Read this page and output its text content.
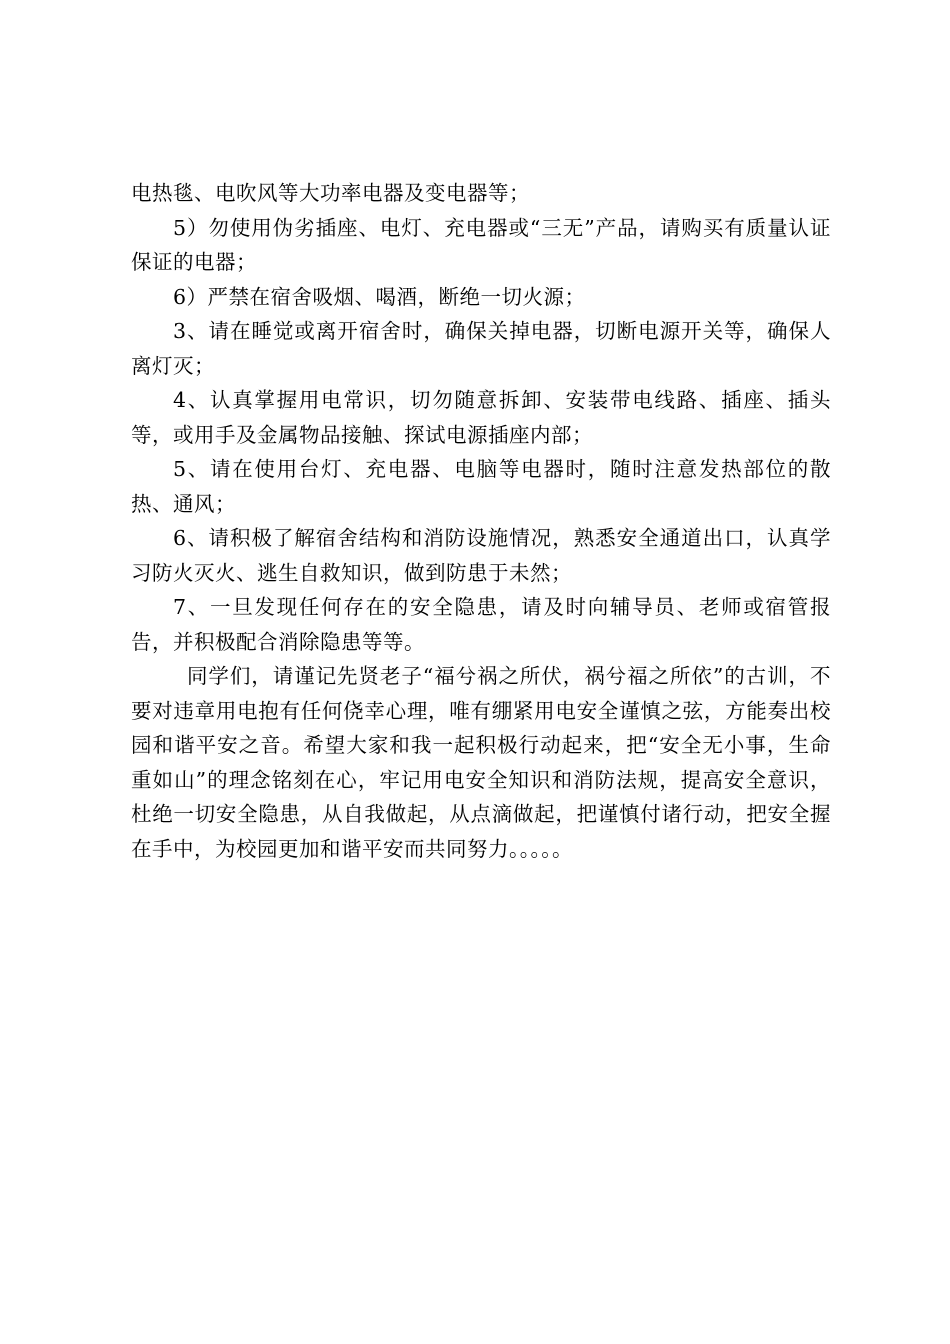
电热毯、电吹风等大功率电器及变电器等；

5）勿使用伪劣插座、电灯、充电器或“三无”产品，请购买有质量认证保证的电器；

6）严禁在宿舍吸烟、喝酒，断绝一切火源；

3、请在睡觉或离开宿舍时，确保关掉电器，切断电源开关等，确保人离灯灭；

4、认真掌握用电常识，切勿随意拆卸、安装带电线路、插座、插头等，或用手及金属物品接触、探试电源插座内部；

5、请在使用台灯、充电器、电脑等电器时，随时注意发热部位的散热、通风；

6、请积极了解宿舍结构和消防设施情况，熟悉安全通道出口，认真学习防火灭火、逃生自救知识，做到防患于未然；

7、一旦发现任何存在的安全隐患，请及时向辅导员、老师或宿管报告，并积极配合消除隐患等等。

同学们，请谨记先贤老子“福兮祸之所伏，祸兮福之所依”的古训，不要对违章用电抱有任何侥幸心理，唯有绷紧用电安全谨慎之弦，方能奏出校园和谐平安之音。希望大家和我一起积极行动起来，把“安全无小事，生命重如山”的理念铭刻在心，牢记用电安全知识和消防法规，提高安全意识，杜绝一切安全隐患，从自我做起，从点滴做起，把谨慎付诸行动，把安全握在手中，为校园更加和谐平安而共同努力。。。。。
